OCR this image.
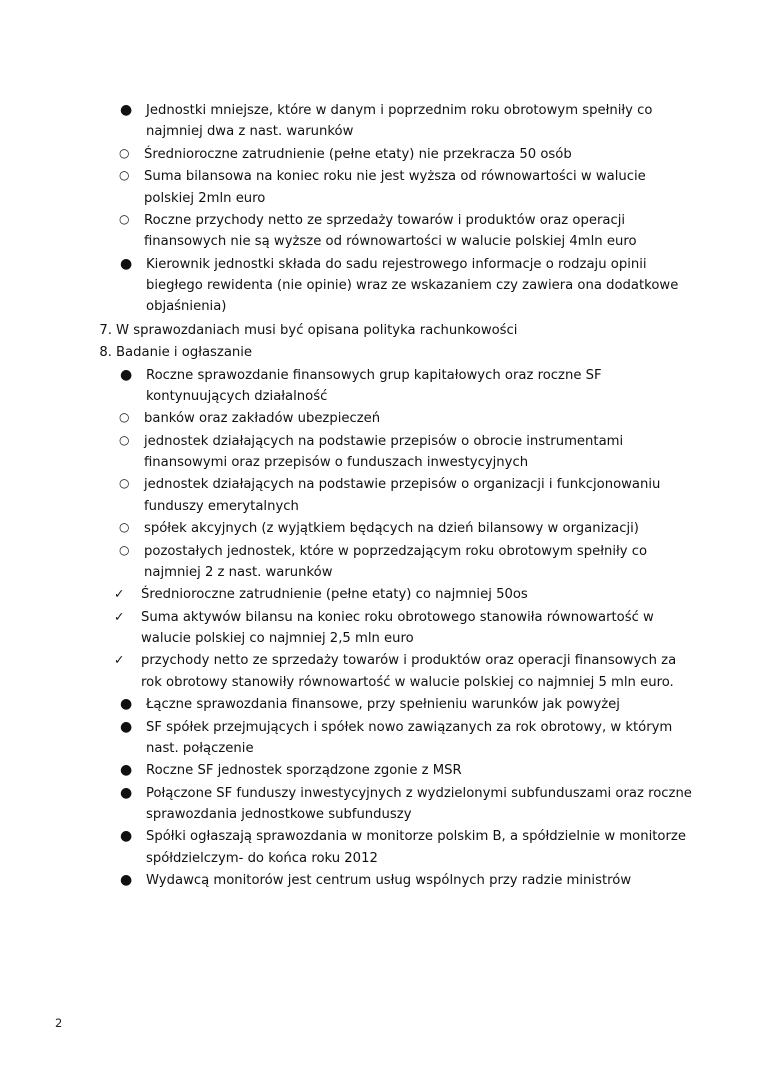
● Jednostki mniejsze, które w danym i poprzednim roku obrotowym spełniły co najmniej dwa z nast. warunków
○ Średnioroczne zatrudnienie (pełne etaty) nie przekracza 50 osób
○ Suma bilansowa na koniec roku nie jest wyższa od równowartości w walucie polskiej 2mln euro
○ Roczne przychody netto ze sprzedaży towarów i produktów oraz operacji finansowych nie są wyższe od równowartości w walucie polskiej 4mln euro
● Kierownik jednostki składa do sadu rejestrowego informacje o rodzaju opinii biegłego rewidenta (nie opinie) wraz ze wskazaniem czy zawiera ona dodatkowe objaśnienia)
7. W sprawozdaniach musi być opisana polityka rachunkowości
8. Badanie i ogłaszanie
● Roczne sprawozdanie finansowych grup kapitałowych oraz roczne SF kontynuujących działalność
○ banków oraz zakładów ubezpieczeń
○ jednostek działających na podstawie przepisów o obrocie instrumentami finansowymi oraz przepisów o funduszach inwestycyjnych
○ jednostek działających na podstawie przepisów o organizacji i funkcjonowaniu funduszy emerytalnych
○ spółek akcyjnych (z wyjątkiem będących na dzień bilansowy w organizacji)
○ pozostałych jednostek, które w poprzedzającym roku obrotowym spełniły co najmniej 2 z nast. warunków
✓ Średnioroczne zatrudnienie (pełne etaty) co najmniej 50os
✓ Suma aktywów bilansu na koniec roku obrotowego stanowiła równowartość w walucie polskiej co najmniej 2,5 mln euro
✓ przychody netto ze sprzedaży towarów i produktów oraz operacji finansowych za rok obrotowy stanowiły równowartość w walucie polskiej co najmniej 5 mln euro.
● Łączne sprawozdania finansowe, przy spełnieniu warunków jak powyżej
● SF spółek przejmujących i spółek nowo zawiązanych za rok obrotowy, w którym nast. połączenie
● Roczne SF jednostek sporządzone zgonie z MSR
● Połączone SF funduszy inwestycyjnych z wydzielonymi subfunduszami oraz roczne sprawozdania jednostkowe subfunduszy
● Spółki ogłaszają sprawozdania w monitorze polskim B, a spółdzielnie w monitorze spółdzielczym- do końca roku 2012
● Wydawcą monitorów jest centrum usług wspólnych przy radzie ministrów
2
